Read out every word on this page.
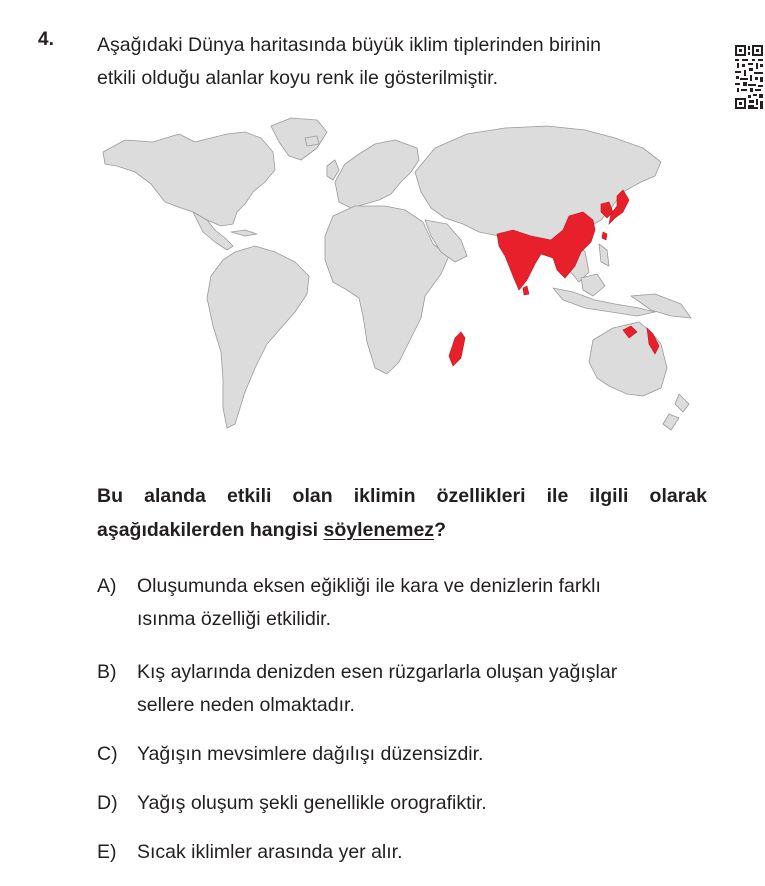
4. Aşağıdaki Dünya haritasında büyük iklim tiplerinden birinin
etkili olduğu alanlar koyu renk ile gösterilmiştir.
Bu alanda etkili olan iklimin özellikleri ile ilgili olarak
aşağıdakilerden hangisi söylenemez?
A) Oluşumunda eksen eğikliği ile kara ve denizlerin farklı
ısınma özelliği etkilidir.
B) Kış aylarında denizden esen rüzgarlarla oluşan yağışlar
sellere neden olmaktadır.
C) Yağışın mevsimlere dağılışı düzensizdir.
D) Yağış oluşum şekli genellikle orografiktir.
E) Sıcak iklimler arasında yer alır.
